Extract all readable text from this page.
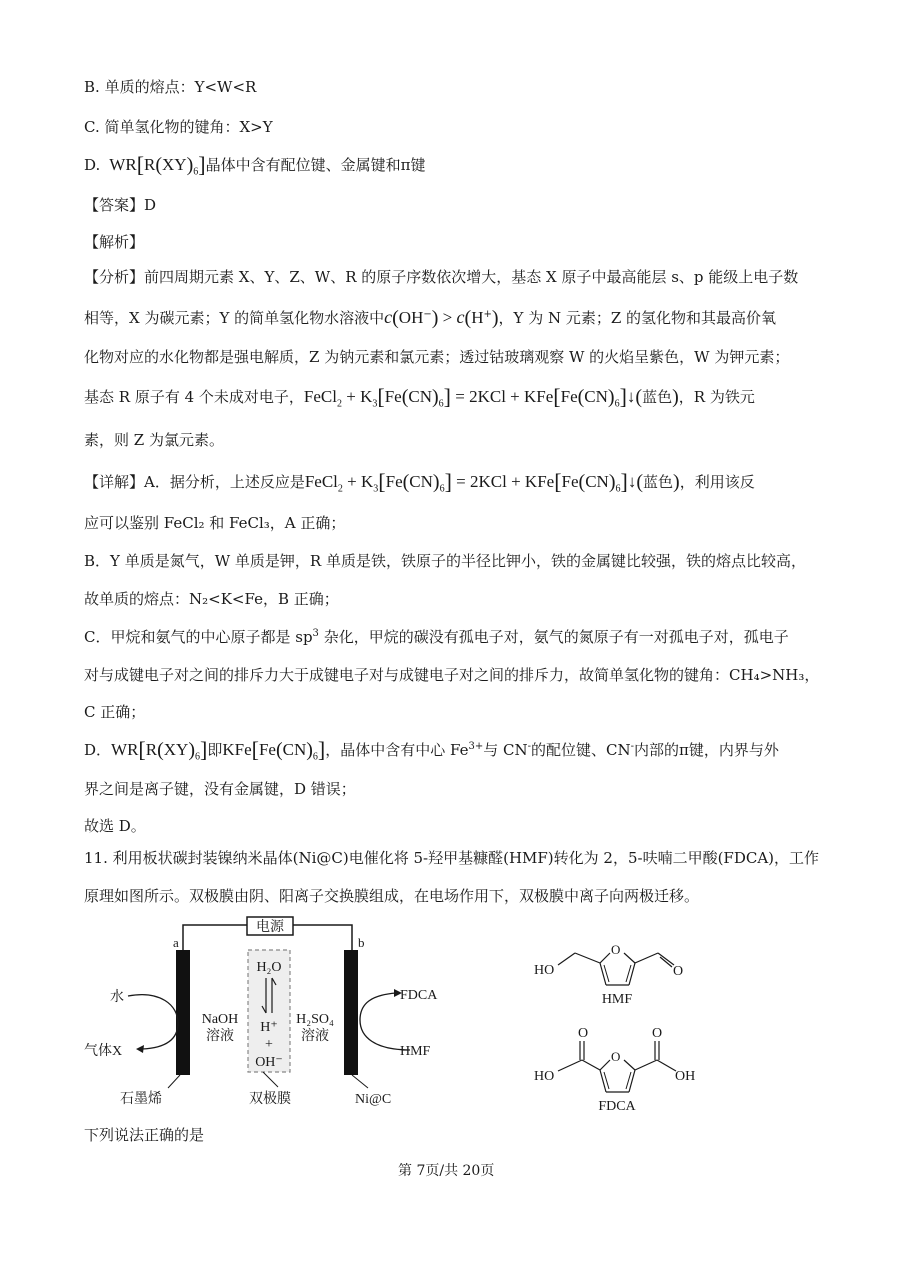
B. 单质的熔点：Y<W<R
C. 简单氢化物的键角：X>Y
D. $WR[R(XY)_6]$晶体中含有配位键、金属键和π键
【答案】D
【解析】
【分析】前四周期元素 X、Y、Z、W、R 的原子序数依次增大，基态 X 原子中最高能层 s、p 能级上电子数
相等，X 为碳元素；Y 的简单氢化物水溶液中c(OH−) > c(H+)，Y 为 N 元素；Z 的氢化物和其最高价氧
化物对应的水化物都是强电解质，Z 为钠元素和氯元素；透过钴玻璃观察 W 的火焰呈紫色，W 为钾元素；
基态 R 原子有 4 个未成对电子，FeCl$_2$ + $K_3[Fe(CN)_6] = 2KCl$ + $KFe[Fe(CN)_6]↓$(蓝色)，R 为铁元
素，则 Z 为氯元素。
【详解】A．据分析，上述反应是FeCl$_2$ + $K_3[Fe(CN)_6] = 2KCl$ + $KFe[Fe(CN)_6]↓$(蓝色)，利用该反
应可以鉴别 FeCl₂ 和 FeCl₃，A 正确；
B．Y 单质是氮气，W 单质是钾，R 单质是铁，铁原子的半径比钾小，铁的金属键比较强，铁的熔点比较高，
故单质的熔点：N₂<K<Fe，B 正确；
C．甲烷和氨气的中心原子都是 $sp^3$ 杂化，甲烷的碳没有孤电子对，氨气的氮原子有一对孤电子对，孤电子
对与成键电子对之间的排斥力大于成键电子对与成键电子对之间的排斥力，故简单氢化物的键角：CH₄>NH₃，
C 正确；
D．$WR[R(XY)_6]$即$KFe[Fe(CN)_6]$，晶体中含有中心 $Fe^{3+}$与 CN-的配位键、CN-内部的π键，内界与外
界之间是离子键，没有金属键，D 错误；
故选 D。
11. 利用板状碳封装镍纳米晶体(Ni@C)电催化将 5-羟甲基糠醛(HMF)转化为 2，5-呋喃二甲酸(FDCA)，工作
原理如图所示。双极膜由阴、阳离子交换膜组成，在电场作用下，双极膜中离子向两极迁移。
电源
a	b
水
气体X
NaOH
溶液
H₂SO₄
溶液
H₂O
H⁺
+
OH⁻
FDCA
HMF
石墨烯	双极膜	Ni@C
HO
O
O
HMF
O
HO
O
O
OH
FDCA
下列说法正确的是
第 7页/共 20页
